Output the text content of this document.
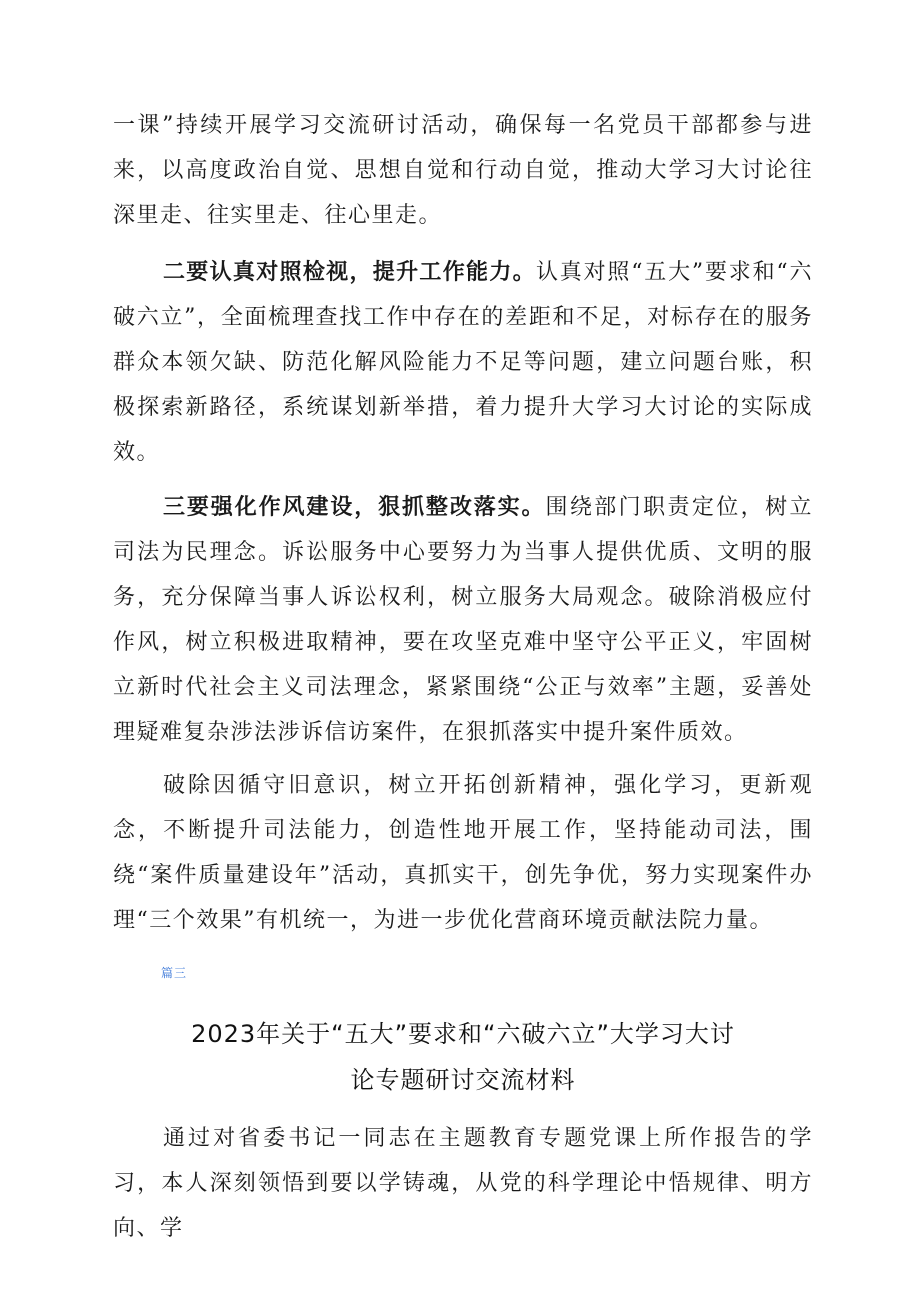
一课”持续开展学习交流研讨活动，确保每一名党员干部都参与进来，以高度政治自觉、思想自觉和行动自觉，推动大学习大讨论往深里走、往实里走、往心里走。

二要认真对照检视，提升工作能力。认真对照“五大”要求和“六破六立”，全面梳理查找工作中存在的差距和不足，对标存在的服务群众本领欠缺、防范化解风险能力不足等问题，建立问题台账，积极探索新路径，系统谋划新举措，着力提升大学习大讨论的实际成效。

三要强化作风建设，狠抓整改落实。围绕部门职责定位，树立司法为民理念。诉讼服务中心要努力为当事人提供优质、文明的服务，充分保障当事人诉讼权利，树立服务大局观念。破除消极应付作风，树立积极进取精神，要在攻坚克难中坚守公平正义，牢固树立新时代社会主义司法理念，紧紧围绕“公正与效率”主题，妥善处理疑难复杂涉法涉诉信访案件，在狠抓落实中提升案件质效。

破除因循守旧意识，树立开拓创新精神，强化学习，更新观念，不断提升司法能力，创造性地开展工作，坚持能动司法，围绕“案件质量建设年”活动，真抓实干，创先争优，努力实现案件办理“三个效果”有机统一，为进一步优化营商环境贡献法院力量。

篇三
2023年关于“五大”要求和“六破六立”大学习大讨
论专题研讨交流材料

通过对省委书记一同志在主题教育专题党课上所作报告的学习，本人深刻领悟到要以学铸魂，从党的科学理论中悟规律、明方向、学
